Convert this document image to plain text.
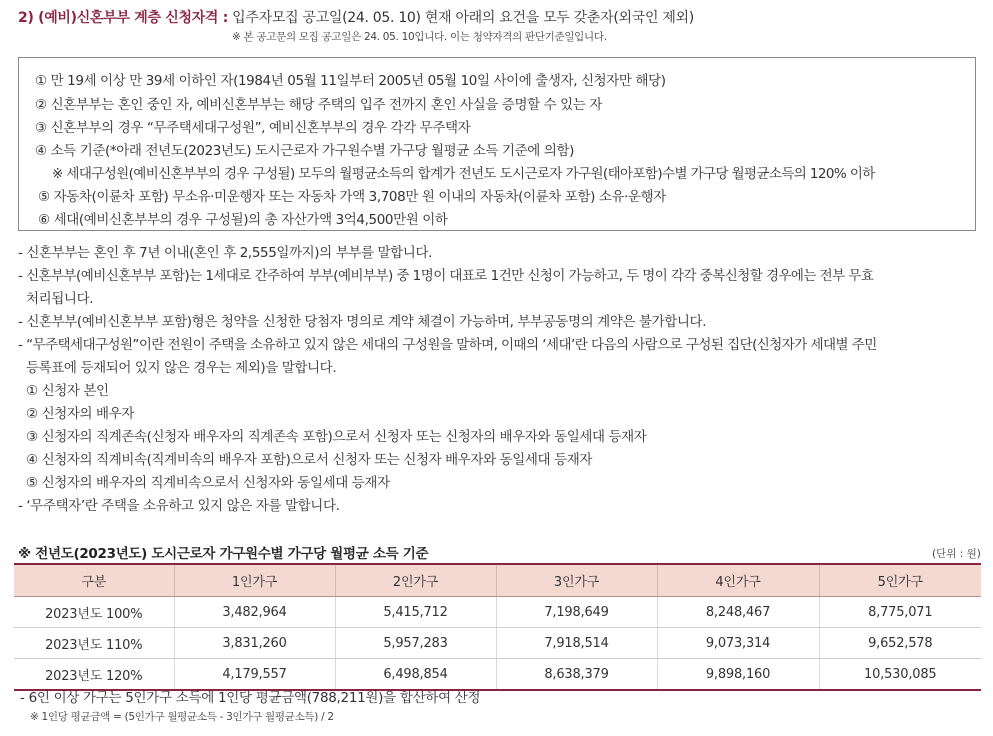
2) (예비)신혼부부 계층 신청자격 : 입주자모집 공고일(24. 05. 10) 현재 아래의 요건을 모두 갖춘자(외국인 제외)
※ 본 공고문의 모집 공고일은 24. 05. 10입니다. 이는 청약자격의 판단기준일입니다.
① 만 19세 이상 만 39세 이하인 자(1984년 05월 11일부터 2005년 05월 10일 사이에 출생자, 신청자만 해당)
② 신혼부부는 혼인 중인 자, 예비신혼부부는 해당 주택의 입주 전까지 혼인 사실을 증명할 수 있는 자
③ 신혼부부의 경우 “무주택세대구성원”, 예비신혼부부의 경우 각각 무주택자
④ 소득 기준(*아래 전년도(2023년도) 도시근로자 가구원수별 가구당 월평균 소득 기준에 의함)
※ 세대구성원(예비신혼부부의 경우 구성될) 모두의 월평균소득의 합계가 전년도 도시근로자 가구원(태아포함)수별 가구당 월평균소득의 120% 이하
⑤ 자동차(이륜차 포함) 무소유·미운행자 또는 자동차 가액 3,708만 원 이내의 자동차(이륜차 포함) 소유·운행자
⑥ 세대(예비신혼부부의 경우 구성될)의 총 자산가액 3억4,500만원 이하
- 신혼부부는 혼인 후 7년 이내(혼인 후 2,555일까지)의 부부를 말합니다.
- 신혼부부(예비신혼부부 포함)는 1세대로 간주하여 부부(예비부부) 중 1명이 대표로 1건만 신청이 가능하고, 두 명이 각각 중복신청할 경우에는 전부 무효
처리됩니다.
- 신혼부부(예비신혼부부 포함)형은 청약을 신청한 당첨자 명의로 계약 체결이 가능하며, 부부공동명의 계약은 불가합니다.
- “무주택세대구성원”이란 전원이 주택을 소유하고 있지 않은 세대의 구성원을 말하며, 이때의 ‘세대’란 다음의 사람으로 구성된 집단(신청자가 세대별 주민
등록표에 등재되어 있지 않은 경우는 제외)을 말합니다.
① 신청자 본인
② 신청자의 배우자
③ 신청자의 직계존속(신청자 배우자의 직계존속 포함)으로서 신청자 또는 신청자의 배우자와 동일세대 등재자
④ 신청자의 직계비속(직계비속의 배우자 포함)으로서 신청자 또는 신청자 배우자와 동일세대 등재자
⑤ 신청자의 배우자의 직계비속으로서 신청자와 동일세대 등재자
- ‘무주택자’란 주택을 소유하고 있지 않은 자를 말합니다.
※ 전년도(2023년도) 도시근로자 가구원수별 가구당 월평균 소득 기준	(단위 : 원)
구분	1인가구	2인가구	3인가구	4인가구	5인가구
2023년도 100%	3,482,964	5,415,712	7,198,649	8,248,467	8,775,071
2023년도 110%	3,831,260	5,957,283	7,918,514	9,073,314	9,652,578
2023년도 120%	4,179,557	6,498,854	8,638,379	9,898,160	10,530,085
- 6인 이상 가구는 5인가구 소득에 1인당 평균금액(788,211원)을 합산하여 산정
※ 1인당 평균금액 = (5인가구 월평균소득 - 3인가구 월평균소득) / 2
